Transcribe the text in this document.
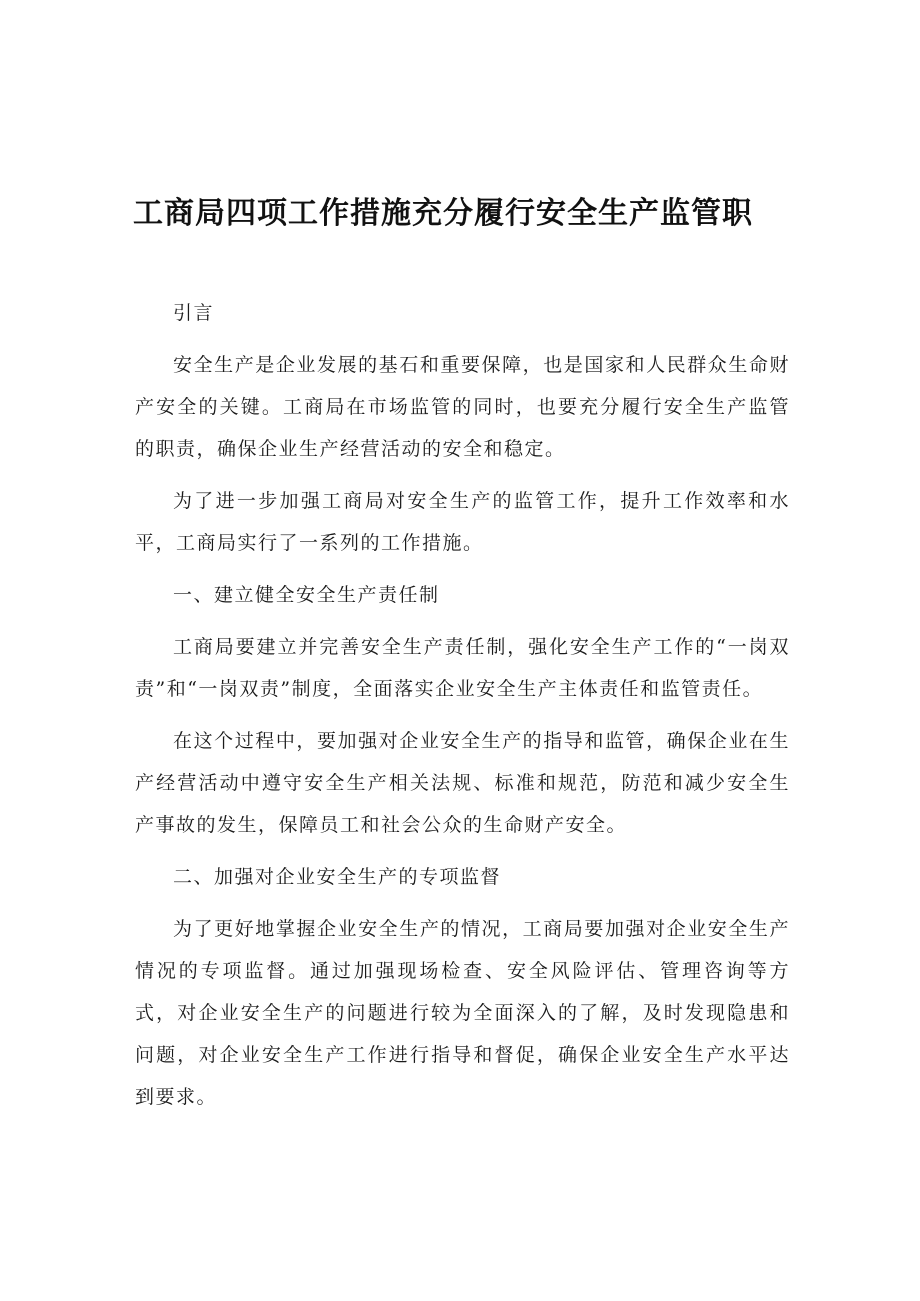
工商局四项工作措施充分履行安全生产监管职

引言

安全生产是企业发展的基石和重要保障，也是国家和人民群众生命财产安全的关键。工商局在市场监管的同时，也要充分履行安全生产监管的职责，确保企业生产经营活动的安全和稳定。

为了进一步加强工商局对安全生产的监管工作，提升工作效率和水平，工商局实行了一系列的工作措施。

一、建立健全安全生产责任制

工商局要建立并完善安全生产责任制，强化安全生产工作的“一岗双责”和“一岗双责”制度，全面落实企业安全生产主体责任和监管责任。

在这个过程中，要加强对企业安全生产的指导和监管，确保企业在生产经营活动中遵守安全生产相关法规、标准和规范，防范和减少安全生产事故的发生，保障员工和社会公众的生命财产安全。

二、加强对企业安全生产的专项监督

为了更好地掌握企业安全生产的情况，工商局要加强对企业安全生产情况的专项监督。通过加强现场检查、安全风险评估、管理咨询等方式，对企业安全生产的问题进行较为全面深入的了解，及时发现隐患和问题，对企业安全生产工作进行指导和督促，确保企业安全生产水平达到要求。
